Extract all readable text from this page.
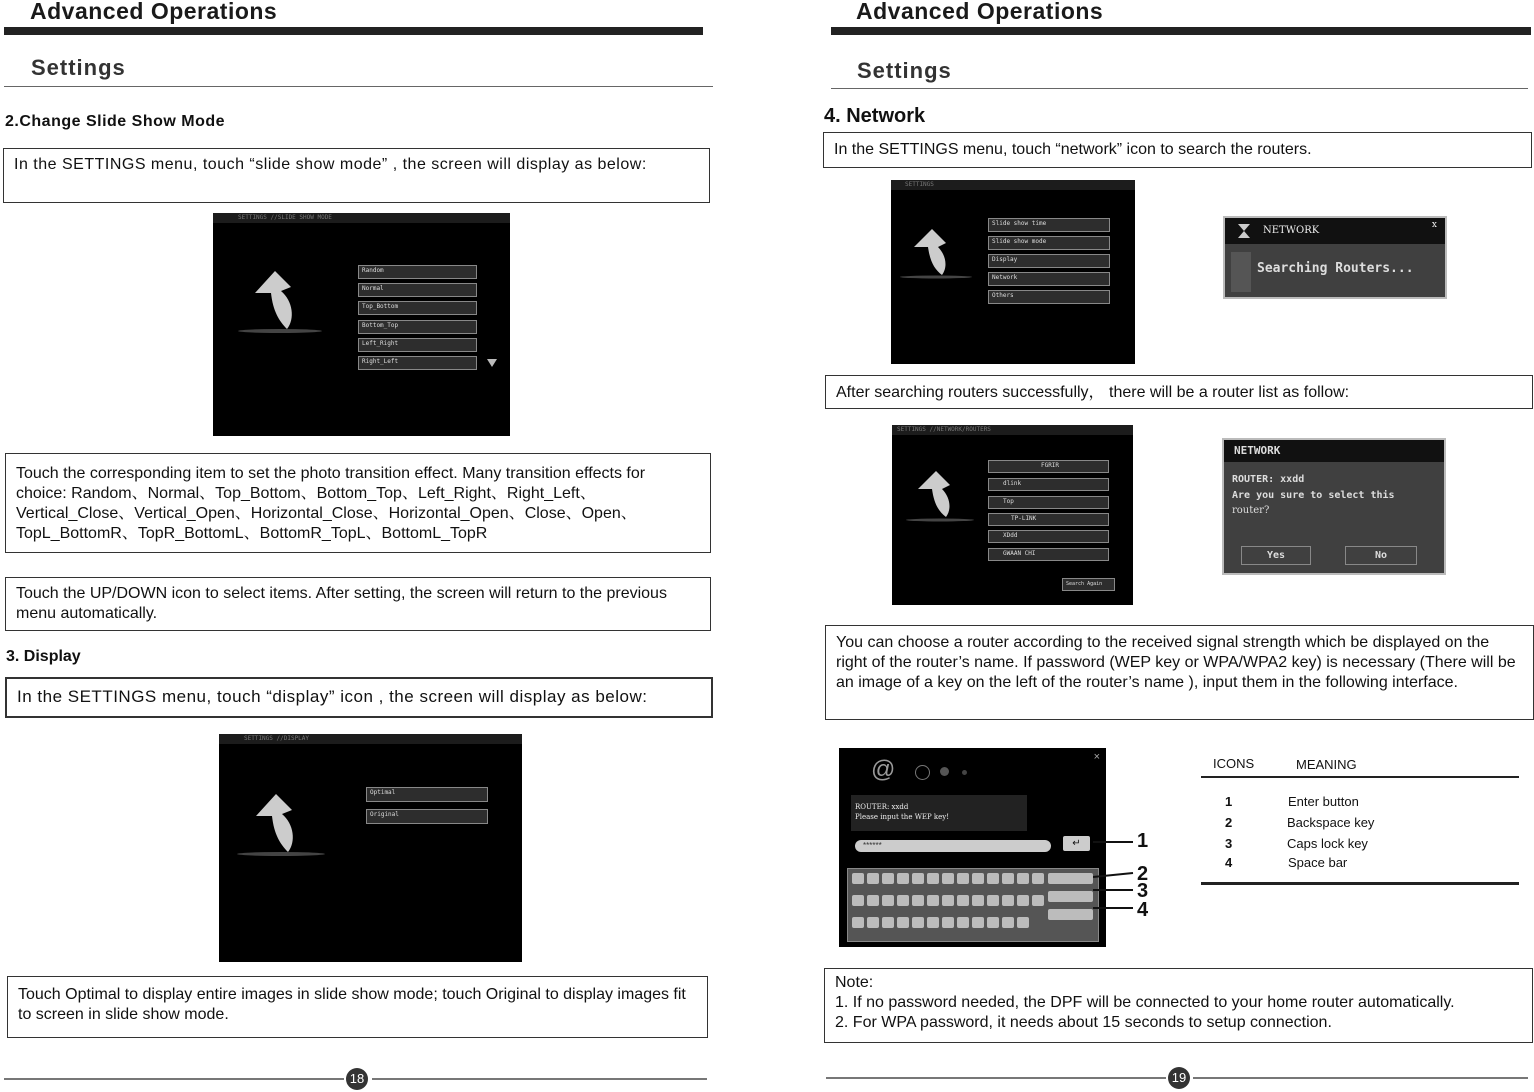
Advanced Operations
Settings
2.Change Slide Show Mode
In the SETTINGS menu, touch “slide show mode” , the screen will display as below:
SETTINGS //SLIDE SHOW MODE
Random
Normal
Top_Bottom
Bottom_Top
Left_Right
Right_Left
Touch the corresponding item to set the photo transition effect. Many transition effects for choice: Random、Normal、Top_Bottom、Bottom_Top、Left_Right、Right_Left、Vertical_Close、Vertical_Open、Horizontal_Close、Horizontal_Open、Close、Open、TopL_BottomR、TopR_BottomL、BottomR_TopL、BottomL_TopR
Touch the UP/DOWN icon to select items. After setting, the screen will return to the previous menu automatically.
3. Display
In the SETTINGS menu, touch “display” icon , the screen will display as below:
SETTINGS //DISPLAY
Optimal
Original
Touch Optimal to display entire images in slide show mode; touch Original to display images fit to screen in slide show mode.
18
Advanced Operations
Settings
4. Network
In the SETTINGS menu, touch “network” icon to search the routers.
SETTINGS
Slide show time
Slide show mode
Display
Network
Others
NETWORK	x
Searching Routers...
After searching routers successfully， there will be a router list as follow:
SETTINGS //NETWORK/ROUTERS
FGRIR
dlink
Top
TP-LINK
XDdd
GWAAN CHI
Search Again
NETWORK
ROUTER: xxdd
Are you sure to select this
router?
Yes	No
You can choose a router according to the received signal strength which be displayed on the right of the router’s name. If password (WEP key or WPA/WPA2 key) is necessary (There will be an image of a key on the left of the router’s name ), input them in the following interface.
@	×
ROUTER: xxdd
Please input the WEP key!
******	↵	1
2
3
4
ICONS	MEANING
1	Enter button
2	Backspace key
3	Caps lock key
4	Space bar
Note:
1. If no password needed, the DPF will be connected to your home router automatically.
2. For WPA password, it needs about 15 seconds to setup connection.
19
